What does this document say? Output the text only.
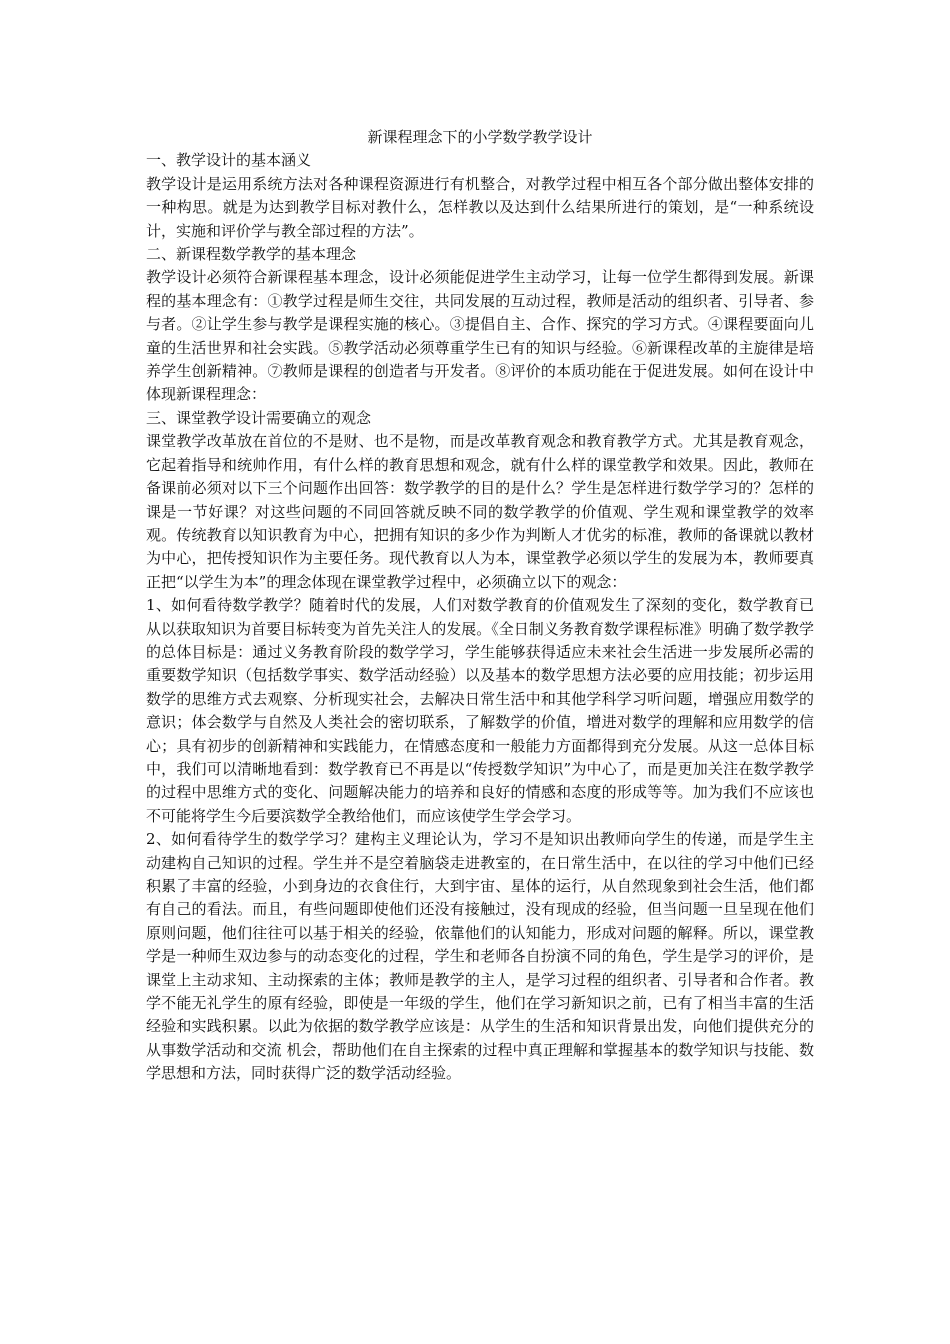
新课程理念下的小学数学教学设计
一、教学设计的基本涵义

教学设计是运用系统方法对各种课程资源进行有机整合，对教学过程中相互各个部分做出整体安排的一种构思。就是为达到教学目标对教什么，怎样教以及达到什么结果所进行的策划，是“一种系统设计，实施和评价学与教全部过程的方法”。

二、新课程数学教学的基本理念

教学设计必须符合新课程基本理念，设计必须能促进学生主动学习，让每一位学生都得到发展。新课程的基本理念有：①教学过程是师生交往，共同发展的互动过程，教师是活动的组织者、引导者、参与者。②让学生参与教学是课程实施的核心。③提倡自主、合作、探究的学习方式。④课程要面向儿童的生活世界和社会实践。⑤教学活动必须尊重学生已有的知识与经验。⑥新课程改革的主旋律是培养学生创新精神。⑦教师是课程的创造者与开发者。⑧评价的本质功能在于促进发展。如何在设计中体现新课程理念：

三、课堂教学设计需要确立的观念

课堂教学改革放在首位的不是财、也不是物，而是改革教育观念和教育教学方式。尤其是教育观念，它起着指导和统帅作用，有什么样的教育思想和观念，就有什么样的课堂教学和效果。因此，教师在备课前必须对以下三个问题作出回答：数学教学的目的是什么？学生是怎样进行数学学习的？怎样的课是一节好课？对这些问题的不同回答就反映不同的数学教学的价值观、学生观和课堂教学的效率观。传统教育以知识教育为中心，把拥有知识的多少作为判断人才优劣的标准，教师的备课就以教材为中心，把传授知识作为主要任务。现代教育以人为本，课堂教学必须以学生的发展为本，教师要真正把“以学生为本”的理念体现在课堂教学过程中，必须确立以下的观念：

1、如何看待数学教学？随着时代的发展，人们对数学教育的价值观发生了深刻的变化，数学教育已从以获取知识为首要目标转变为首先关注人的发展。《全日制义务教育数学课程标准》明确了数学教学的总体目标是：通过义务教育阶段的数学学习，学生能够获得适应未来社会生活进一步发展所必需的重要数学知识（包括数学事实、数学活动经验）以及基本的数学思想方法必要的应用技能；初步运用数学的思维方式去观察、分析现实社会，去解决日常生活中和其他学科学习听问题，增强应用数学的意识；体会数学与自然及人类社会的密切联系，了解数学的价值，增进对数学的理解和应用数学的信心；具有初步的创新精神和实践能力，在情感态度和一般能力方面都得到充分发展。从这一总体目标中，我们可以清晰地看到：数学教育已不再是以“传授数学知识”为中心了，而是更加关注在数学教学的过程中思维方式的变化、问题解决能力的培养和良好的情感和态度的形成等等。加为我们不应该也不可能将学生今后要滨数学全教给他们，而应该使学生学会学习。

2、如何看待学生的数学学习？建构主义理论认为，学习不是知识出教师向学生的传递，而是学生主动建构自己知识的过程。学生并不是空着脑袋走进教室的，在日常生活中，在以往的学习中他们已经积累了丰富的经验，小到身边的衣食住行，大到宇宙、星体的运行，从自然现象到社会生活，他们都有自己的看法。而且，有些问题即使他们还没有接触过，没有现成的经验，但当问题一旦呈现在他们原则问题，他们往往可以基于相关的经验，依靠他们的认知能力，形成对问题的解释。所以，课堂教学是一种师生双边参与的动态变化的过程，学生和老师各自扮演不同的角色，学生是学习的评价，是课堂上主动求知、主动探索的主体；教师是教学的主人，是学习过程的组织者、引导者和合作者。教学不能无礼学生的原有经验，即使是一年级的学生，他们在学习新知识之前，已有了相当丰富的生活经验和实践积累。以此为依据的数学教学应该是：从学生的生活和知识背景出发，向他们提供充分的从事数学活动和交流 机会，帮助他们在自主探索的过程中真正理解和掌握基本的数学知识与技能、数学思想和方法，同时获得广泛的数学活动经验。
